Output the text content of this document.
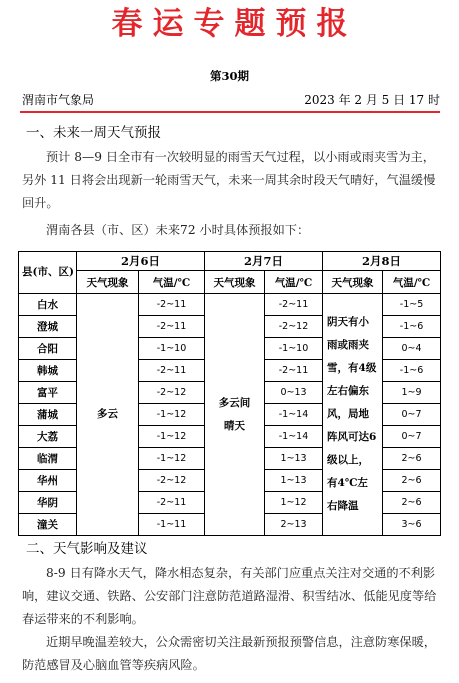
春运专题预报
第30期
渭南市气象局	2023 年 2 月 5 日 17 时
一、未来一周天气预报
预计 8—9 日全市有一次较明显的雨雪天气过程，以小雨或雨夹雪为主，另外 11 日将会出现新一轮雨雪天气，未来一周其余时段天气晴好，气温缓慢回升。
渭南各县（市、区）未来72 小时具体预报如下：
县(市、区)	2月6日		2月7日		2月8日	
	天气现象	气温/℃	天气现象	气温/℃	天气现象	气温/℃
白水	多云	-2~11	多云间晴天	-2~11	阴天有小雨或雨夹雪，有4级左右偏东风，局地阵风可达6级以上，有4℃左右降温	-1~5
澄城		-2~11		-2~12		-1~6
合阳		-1~10		-1~10		0~4
韩城		-2~11		-2~11		-1~6
富平		-2~12		0~13		1~9
蒲城		-1~12		-1~14		0~7
大荔		-1~12		-1~14		0~7
临渭		-1~12		1~13		2~6
华州		-2~12		1~13		2~6
华阴		-2~11		1~12		2~6
潼关		-1~11		2~13		3~6
二、天气影响及建议
8-9 日有降水天气，降水相态复杂，有关部门应重点关注对交通的不利影响，建议交通、铁路、公安部门注意防范道路湿滑、积雪结冰、低能见度等给春运带来的不利影响。
近期早晚温差较大，公众需密切关注最新预报预警信息，注意防寒保暖，防范感冒及心脑血管等疾病风险。
